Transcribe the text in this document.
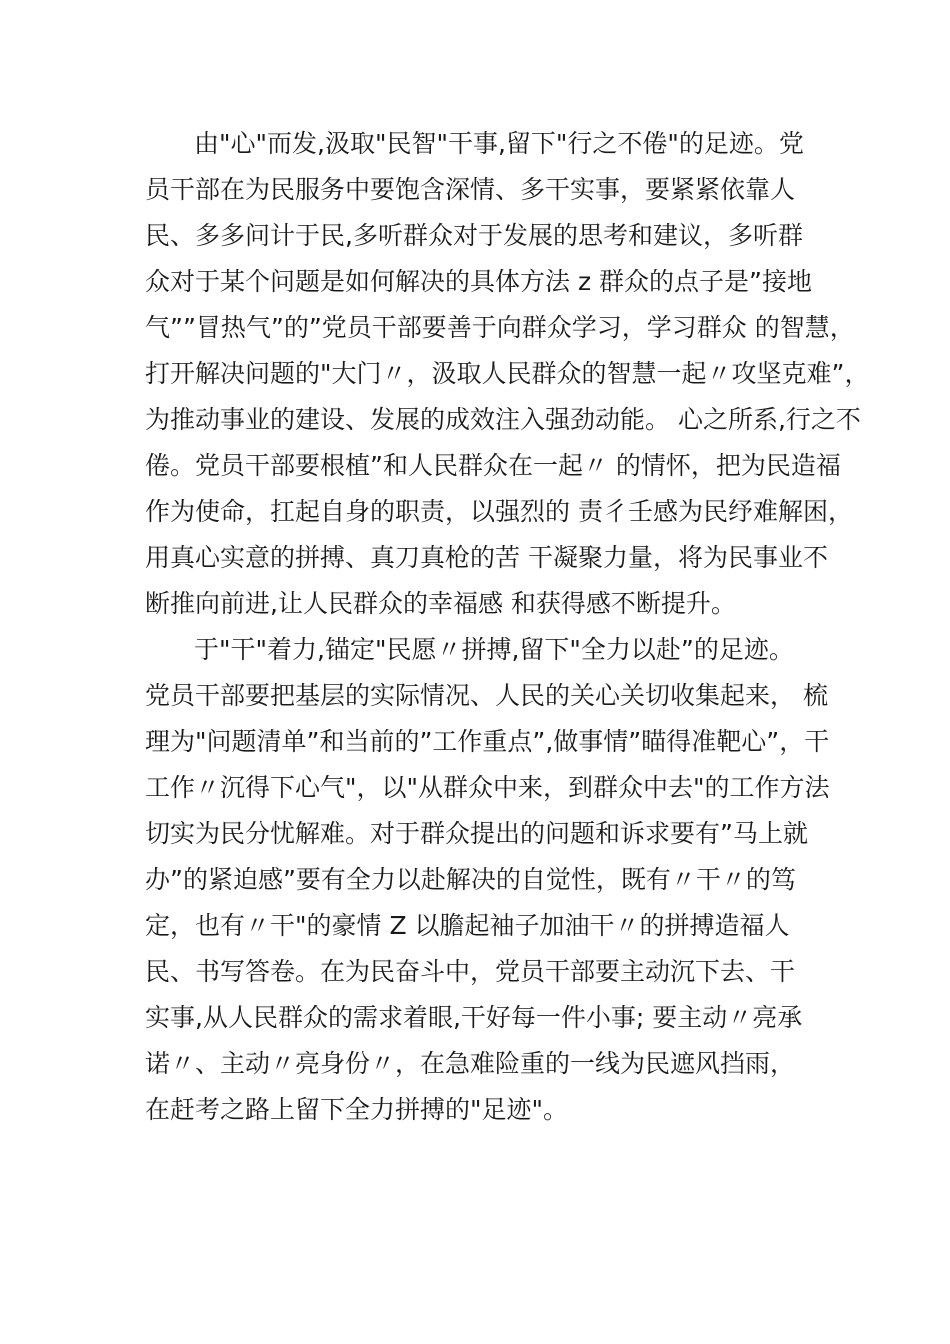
由"心"而发,汲取"民智"干事,留下"行之不倦"的足迹。党

员干部在为民服务中要饱含深情、多干实事，要紧紧依靠人

民、多多问计于民,多听群众对于发展的思考和建议，多听群

众对于某个问题是如何解决的具体方法 z 群众的点子是”接地

气””冒热气”的”党员干部要善于向群众学习，学习群众 的智慧，

打开解决问题的"大门〃，汲取人民群众的智慧一起〃攻坚克难”，

为推动事业的建设、发展的成效注入强劲动能。 心之所系,行之不

倦。党员干部要根植”和人民群众在一起〃 的情怀，把为民造福

作为使命，扛起自身的职责，以强烈的 责彳壬感为民纾难解困，

用真心实意的拼搏、真刀真枪的苦 干凝聚力量，将为民事业不

断推向前进,让人民群众的幸福感 和获得感不断提升。

于"干"着力,锚定"民愿〃拼搏,留下"全力以赴”的足迹。

党员干部要把基层的实际情况、人民的关心关切收集起来， 梳

理为"问题清单”和当前的”工作重点”,做事情”瞄得准靶心”，干

工作〃沉得下心气"，以"从群众中来，到群众中去"的工作方法

切实为民分忧解难。对于群众提出的问题和诉求要有”马上就

办”的紧迫感”要有全力以赴解决的自觉性，既有〃干〃的笃

定，也有〃干"的豪情 Z 以膽起袖子加油干〃的拼搏造福人

民、书写答卷。在为民奋斗中，党员干部要主动沉下去、干

实事,从人民群众的需求着眼,干好每一件小事; 要主动〃亮承

诺〃、主动〃亮身份〃，在急难险重的一线为民遮风挡雨，

在赶考之路上留下全力拼搏的"足迹"。
